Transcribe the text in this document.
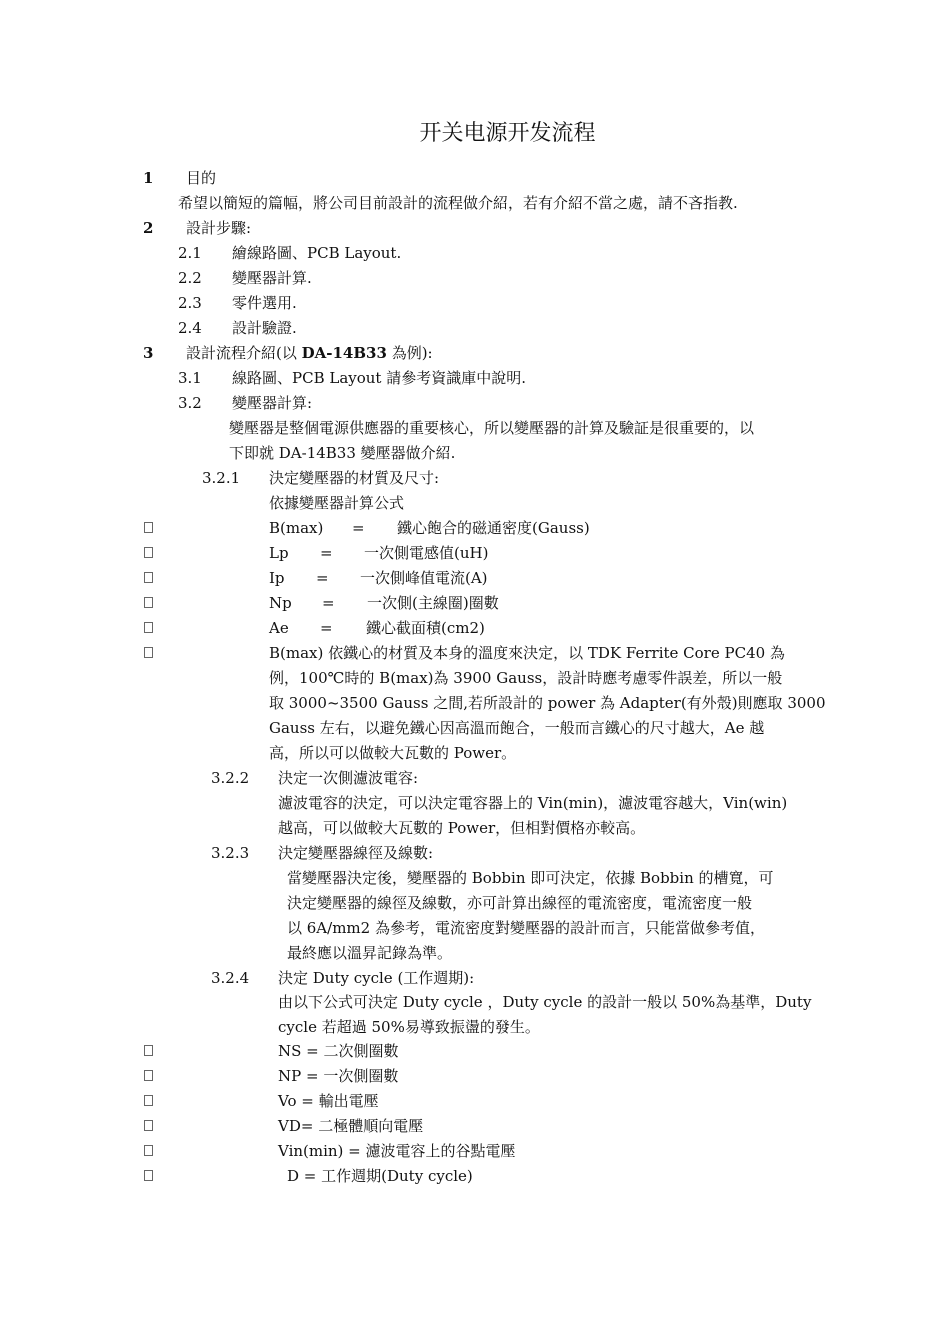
开关电源开发流程
1 目的
希望以簡短的篇幅，將公司目前設計的流程做介紹，若有介紹不當之處，請不吝指教.
2 設計步驟:
2.1 繪線路圖、PCB Layout.
2.2 變壓器計算.
2.3 零件選用.
2.4 設計驗證.
3 設計流程介紹(以 DA-14B33 為例):
3.1 線路圖、PCB Layout 請參考資識庫中說明.
3.2 變壓器計算:
變壓器是整個電源供應器的重要核心，所以變壓器的計算及驗証是很重要的，以
下即就 DA-14B33 變壓器做介紹.
3.2.1 決定變壓器的材質及尺寸:
依據變壓器計算公式
B(max) = 鐵心飽合的磁通密度(Gauss)
Lp = 一次側電感值(uH)
Ip = 一次側峰值電流(A)
Np = 一次側(主線圈)圈數
Ae = 鐵心截面積(cm2)
B(max) 依鐵心的材質及本身的溫度來決定，以 TDK Ferrite Core PC40 為
例，100℃時的 B(max)為 3900 Gauss，設計時應考慮零件誤差，所以一般
取 3000~3500 Gauss 之間,若所設計的 power 為 Adapter(有外殼)則應取 3000
Gauss 左右，以避免鐵心因高溫而飽合，一般而言鐵心的尺寸越大，Ae 越
高，所以可以做較大瓦數的 Power。
3.2.2 決定一次側濾波電容:
濾波電容的決定，可以決定電容器上的 Vin(min)，濾波電容越大，Vin(win)
越高，可以做較大瓦數的 Power，但相對價格亦較高。
3.2.3 決定變壓器線徑及線數:
當變壓器決定後，變壓器的 Bobbin 即可決定，依據 Bobbin 的槽寬，可
決定變壓器的線徑及線數，亦可計算出線徑的電流密度，電流密度一般
以 6A/mm2 為參考，電流密度對變壓器的設計而言，只能當做參考值，
最終應以溫昇記錄為準。
3.2.4 決定 Duty cycle (工作週期):
由以下公式可決定 Duty cycle ，Duty cycle 的設計一般以 50%為基準，Duty
cycle 若超過 50%易導致振盪的發生。
NS = 二次側圈數
NP = 一次側圈數
Vo = 輸出電壓
VD= 二極體順向電壓
Vin(min) = 濾波電容上的谷點電壓
D = 工作週期(Duty cycle)
